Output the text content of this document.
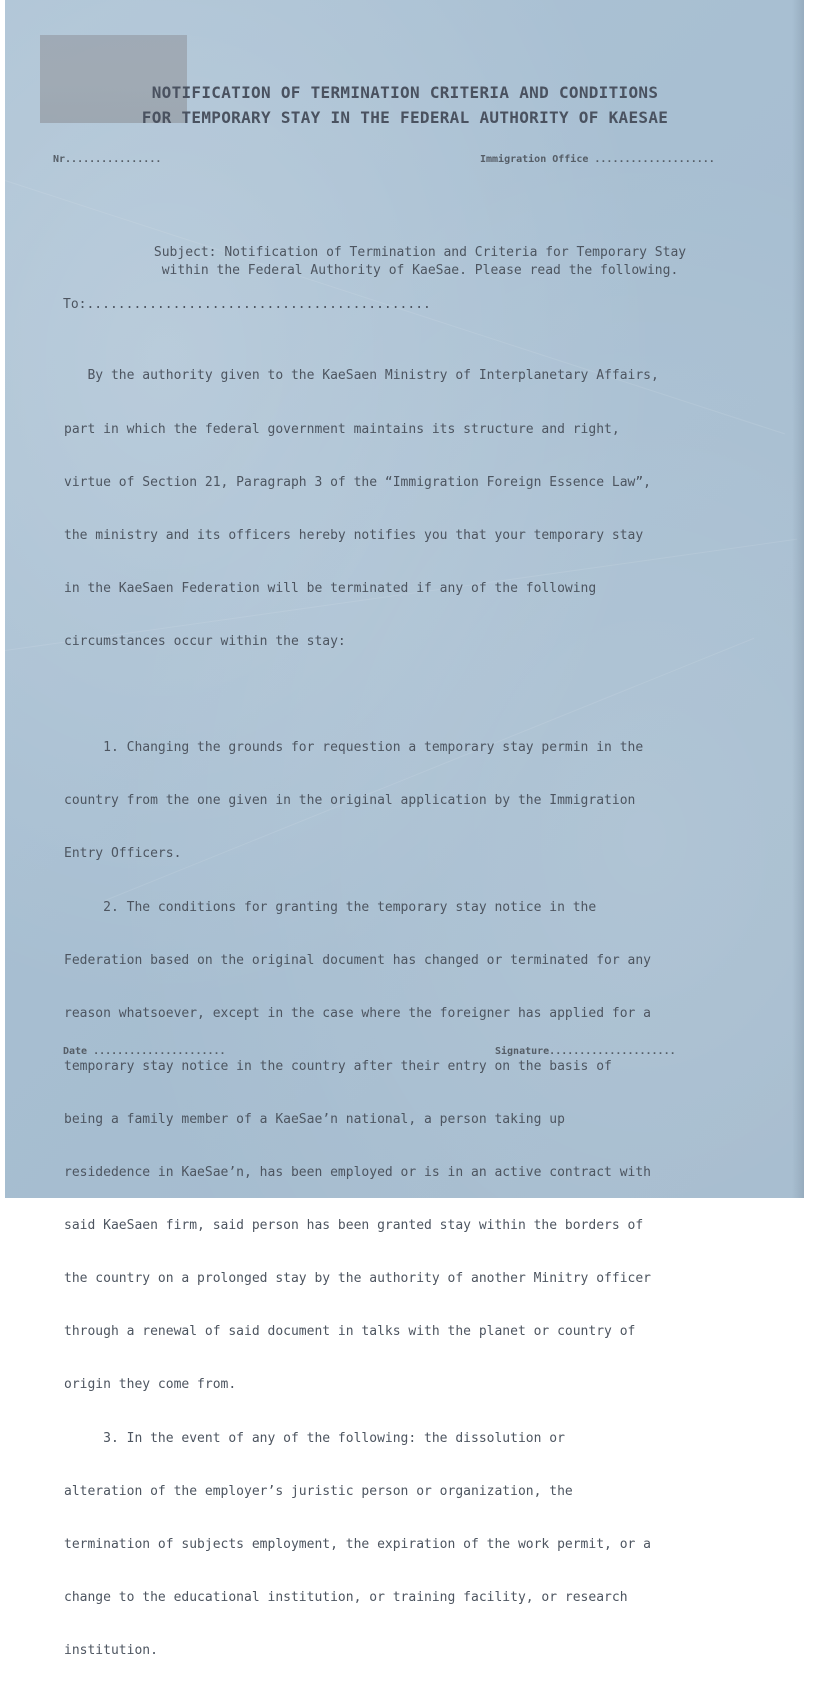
NOTIFICATION OF TERMINATION CRITERIA AND CONDITIONS
FOR TEMPORARY STAY IN THE FEDERAL AUTHORITY OF KAESAE
Nr................	Immigration Office ....................
Subject: Notification of Termination and Criteria for Temporary Stay
within the Federal Authority of KaeSae. Please read the following.
To:............................................

By the authority given to the KaeSaen Ministry of Interplanetary Affairs,

part in which the federal government maintains its structure and right,

virtue of Section 21, Paragraph 3 of the “Immigration Foreign Essence Law”,

the ministry and its officers hereby notifies you that your temporary stay

in the KaeSaen Federation will be terminated if any of the following

circumstances occur within the stay:

1. Changing the grounds for requestion a temporary stay permin in the

country from the one given in the original application by the Immigration

Entry Officers.

2. The conditions for granting the temporary stay notice in the

Federation based on the original document has changed or terminated for any

reason whatsoever, except in the case where the foreigner has applied for a

temporary stay notice in the country after their entry on the basis of

being a family member of a KaeSae’n national, a person taking up

residedence in KaeSae’n, has been employed or is in an active contract with

said KaeSaen firm, said person has been granted stay within the borders of

the country on a prolonged stay by the authority of another Minitry officer

through a renewal of said document in talks with the planet or country of

origin they come from.

3. In the event of any of the following: the dissolution or

alteration of the employer’s juristic person or organization, the

termination of subjects employment, the expiration of the work permit, or a

change to the educational institution, or training facility, or research

institution.

Date ......................	Signature.....................
